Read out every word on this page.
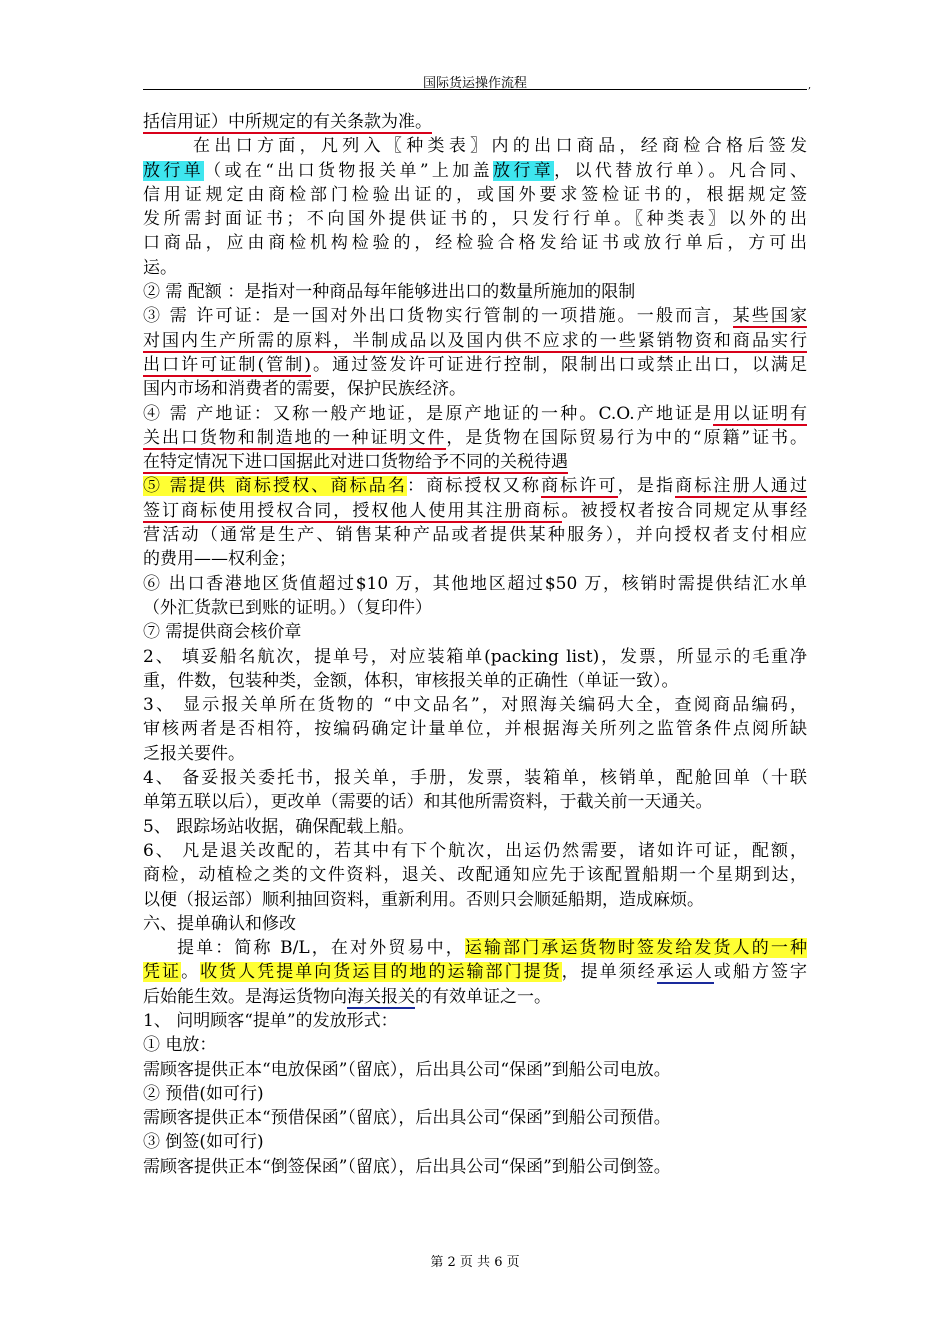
国际货运操作流程	,
括信用证）中所规定的有关条款为准。
在出口方面，凡列入〖种类表〗内的出口商品，经商检合格后签发
放行单（或在“出口货物报关单”上加盖放行章，以代替放行单）。凡合同、
信用证规定由商检部门检验出证的，或国外要求签检证书的，根据规定签
发所需封面证书；不向国外提供证书的，只发行行单。〖种类表〗以外的出
口商品，应由商检机构检验的，经检验合格发给证书或放行单后，方可出
运。
② 需 配额 ：是指对一种商品每年能够进出口的数量所施加的限制
③ 需 许可证：是一国对外出口货物实行管制的一项措施。一般而言，某些国家
对国内生产所需的原料，半制成品以及国内供不应求的一些紧销物资和商品实行
出口许可证制(管制)。通过签发许可证进行控制，限制出口或禁止出口，以满足
国内市场和消费者的需要，保护民族经济。
④ 需 产地证：又称一般产地证，是原产地证的一种。C.O.产地证是用以证明有
关出口货物和制造地的一种证明文件，是货物在国际贸易行为中的“原籍”证书。
在特定情况下进口国据此对进口货物给予不同的关税待遇
⑤ 需提供 商标授权、商标品名：商标授权又称商标许可，是指商标注册人通过
签订商标使用授权合同，授权他人使用其注册商标。被授权者按合同规定从事经
营活动（通常是生产、销售某种产品或者提供某种服务），并向授权者支付相应
的费用——权利金；
⑥ 出口香港地区货值超过$10 万，其他地区超过$50 万，核销时需提供结汇水单
（外汇货款已到账的证明。）（复印件）
⑦ 需提供商会核价章
2、 填妥船名航次，提单号，对应装箱单(packing list)，发票，所显示的毛重净
重，件数，包装种类，金额，体积，审核报关单的正确性（单证一致）。
3、 显示报关单所在货物的 “中文品名”，对照海关编码大全，查阅商品编码，
审核两者是否相符，按编码确定计量单位，并根据海关所列之监管条件点阅所缺
乏报关要件。
4、 备妥报关委托书，报关单，手册，发票，装箱单，核销单，配舱回单（十联
单第五联以后），更改单（需要的话）和其他所需资料，于截关前一天通关。
5、 跟踪场站收据，确保配载上船。
6、 凡是退关改配的，若其中有下个航次，出运仍然需要，诸如许可证，配额，
商检，动植检之类的文件资料，退关、改配通知应先于该配置船期一个星期到达，
以便（报运部）顺利抽回资料，重新利用。否则只会顺延船期，造成麻烦。
六、提单确认和修改
提单：简称 B/L，在对外贸易中，运输部门承运货物时签发给发货人的一种
凭证。收货人凭提单向货运目的地的运输部门提货，提单须经承运人或船方签字
后始能生效。是海运货物向海关报关的有效单证之一。
1、 问明顾客“提单”的发放形式：
① 电放：
需顾客提供正本“电放保函”（留底），后出具公司“保函”到船公司电放。
② 预借(如可行)
需顾客提供正本“预借保函”（留底），后出具公司“保函”到船公司预借。
③ 倒签(如可行)
需顾客提供正本“倒签保函”（留底），后出具公司“保函”到船公司倒签。
第 2 页 共 6 页
